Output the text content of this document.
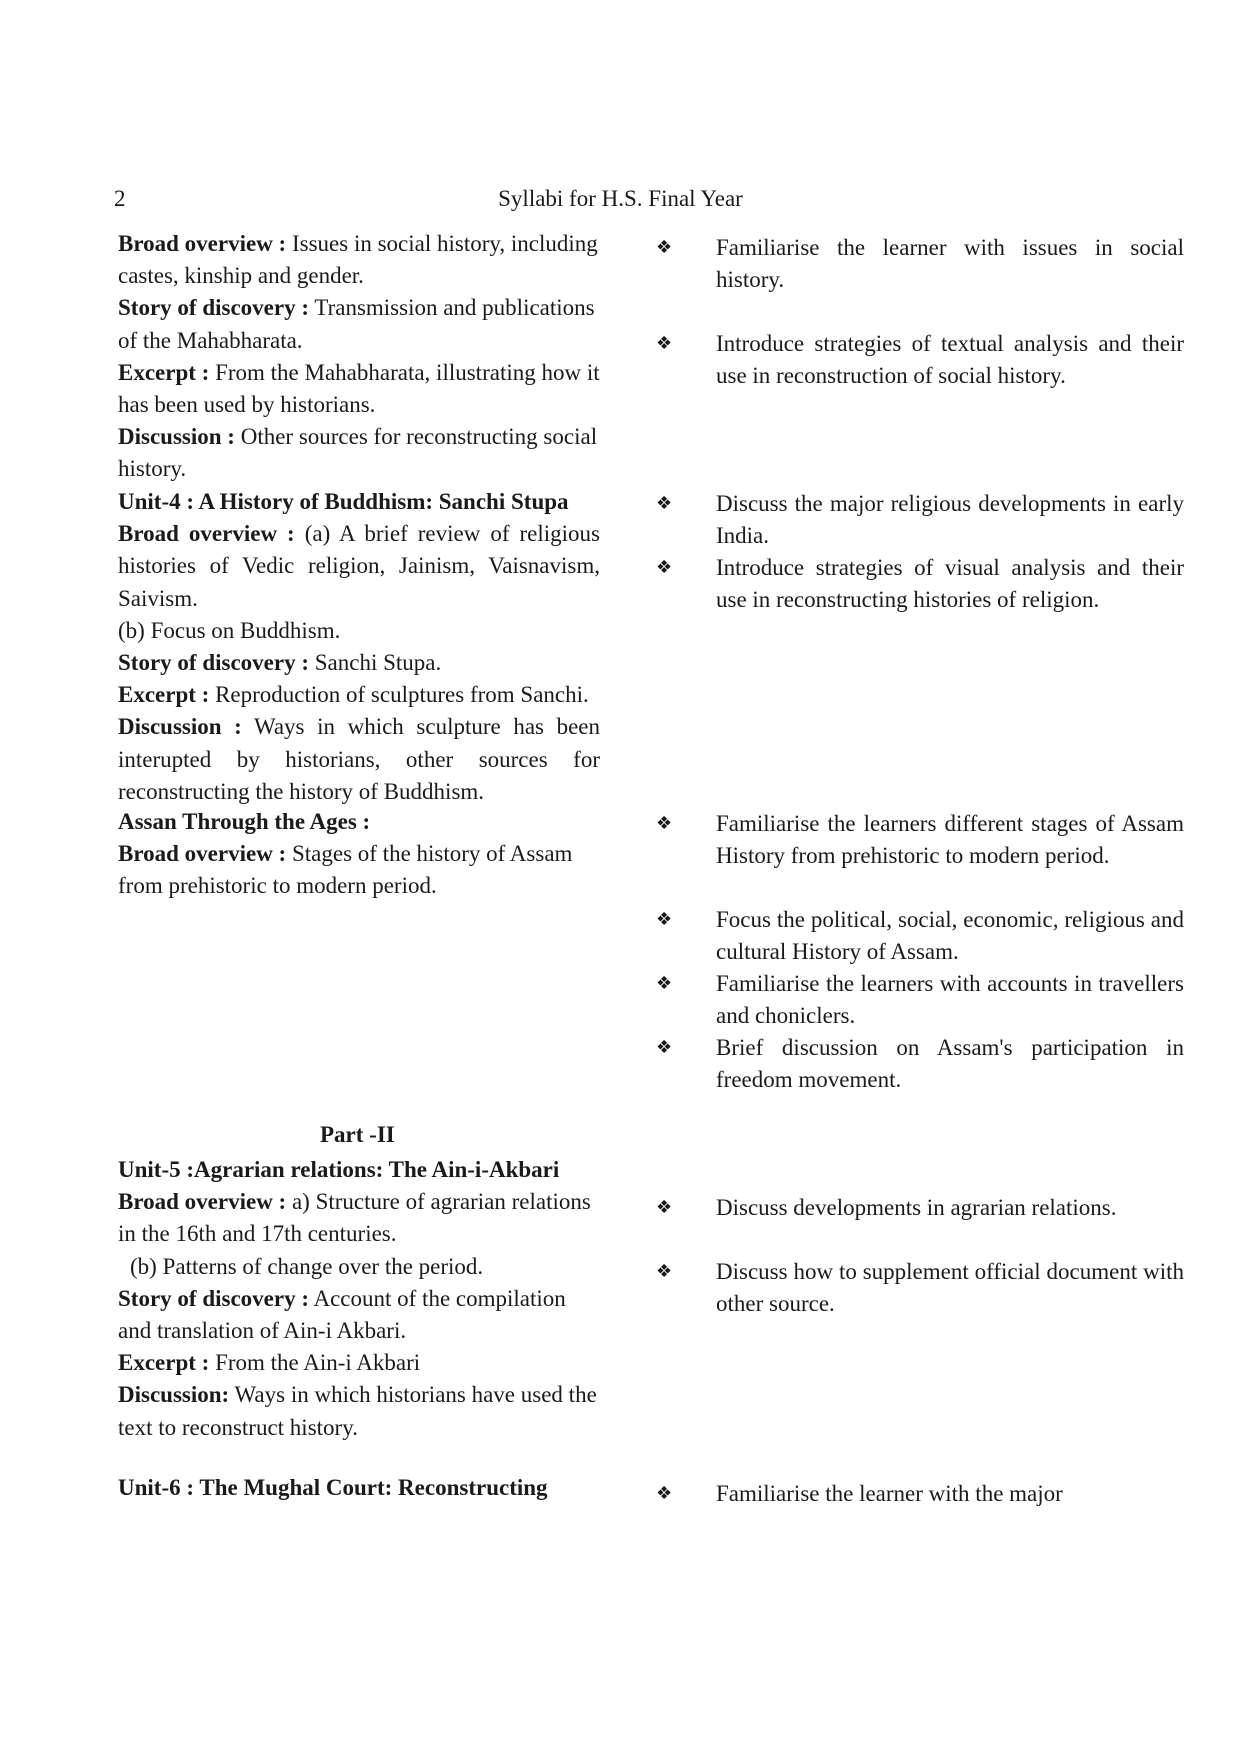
2	Syllabi for H.S. Final Year

Broad overview : Issues in social history, including castes, kinship and gender.

Story of discovery : Transmission and publications of the Mahabharata.

Excerpt : From the Mahabharata, illustrating how it has been used by historians.

Discussion : Other sources for reconstructing social history.

Unit-4 : A History of Buddhism: Sanchi Stupa

Broad overview : (a) A brief review of religious histories of Vedic religion, Jainism, Vaisnavism, Saivism.

(b) Focus on Buddhism.

Story of discovery : Sanchi Stupa.

Excerpt : Reproduction of sculptures from Sanchi.

Discussion : Ways in which sculpture has been interupted by historians, other sources for reconstructing the history of Buddhism.

Assan Through the Ages :

Broad overview : Stages of the history of Assam from prehistoric to modern period.

Part -II

Unit-5 :Agrarian relations: The Ain-i-Akbari

Broad overview : a) Structure of agrarian relations in the 16th and 17th centuries.

(b) Patterns of change over the period.

Story of discovery : Account of the compilation and translation of Ain-i Akbari.

Excerpt : From the Ain-i Akbari

Discussion: Ways in which historians have used the text to reconstruct history.

Unit-6 : The Mughal Court: Reconstructing

❖ Familiarise the learner with issues in social history.
❖ Introduce strategies of textual analysis and their use in reconstruction of social history.
❖ Discuss the major religious developments in early India.
❖ Introduce strategies of visual analysis and their use in reconstructing histories of religion.
❖ Familiarise the learners different stages of Assam History from prehistoric to modern period.
❖ Focus the political, social, economic, religious and cultural History of Assam.
❖ Familiarise the learners with accounts in travellers and choniclers.
❖ Brief discussion on Assam's participation in freedom movement.
❖ Discuss developments in agrarian relations.
❖ Discuss how to supplement official document with other source.
❖ Familiarise the learner with the major
